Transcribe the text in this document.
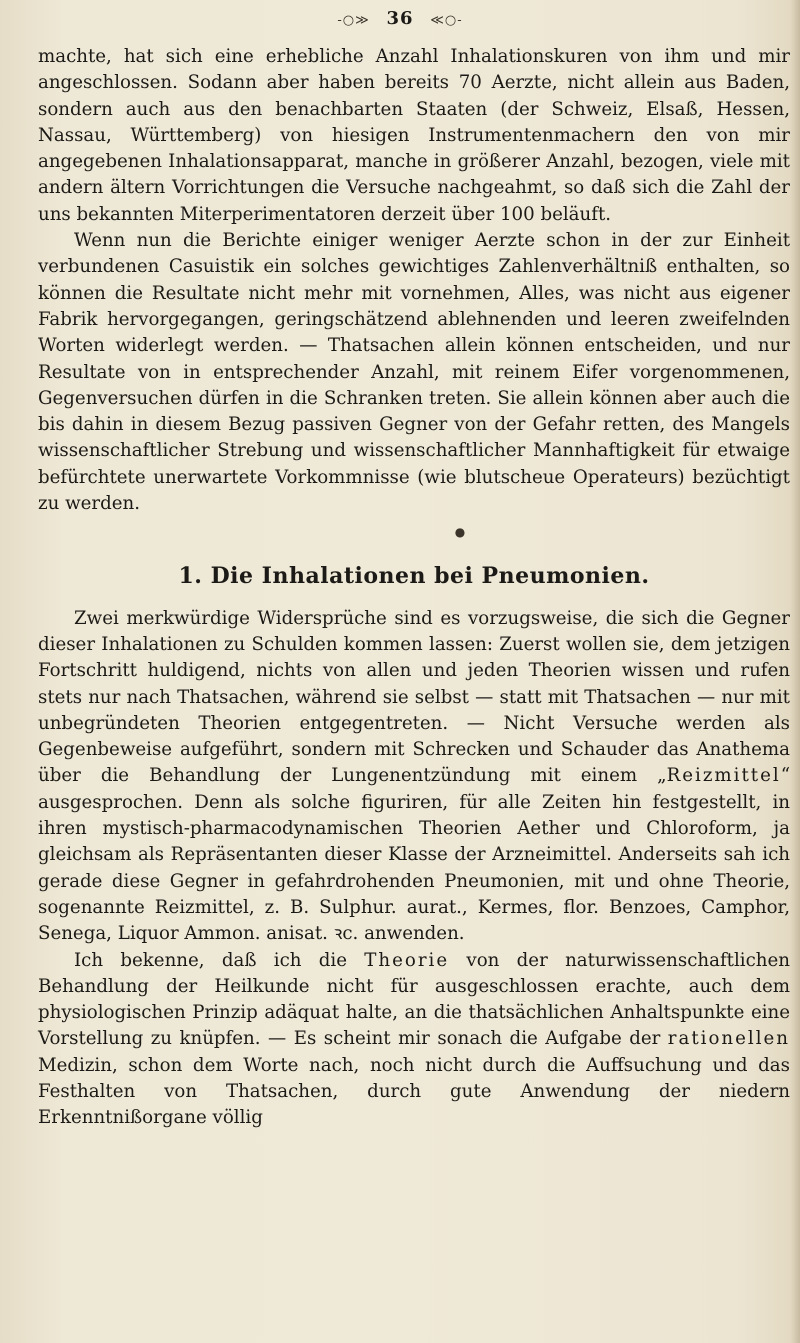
-○≫ 36 ≪○-

machte, hat sich eine erhebliche Anzahl Inhalationskuren von ihm und mir angeschlossen. Sodann aber haben bereits 70 Aerzte, nicht allein aus Baden, sondern auch aus den benachbarten Staaten (der Schweiz, Elsaß, Hessen, Nassau, Württemberg) von hiesigen Instrumentenmachern den von mir angegebenen Inhalationsapparat, manche in größerer Anzahl, bezogen, viele mit andern ältern Vorrichtungen die Versuche nachgeahmt, so daß sich die Zahl der uns bekannten Miterperimentatoren derzeit über 100 beläuft.

Wenn nun die Berichte einiger weniger Aerzte schon in der zur Einheit verbundenen Casuistik ein solches gewichtiges Zahlenverhältniß enthalten, so können die Resultate nicht mehr mit vornehmen, Alles, was nicht aus eigener Fabrik hervorgegangen, geringschätzend ablehnenden und leeren zweifelnden Worten widerlegt werden. — Thatsachen allein können entscheiden, und nur Resultate von in entsprechender Anzahl, mit reinem Eifer vorgenommenen, Gegenversuchen dürfen in die Schranken treten. Sie allein können aber auch die bis dahin in diesem Bezug passiven Gegner von der Gefahr retten, des Mangels wissenschaftlicher Strebung und wissenschaftlicher Mannhaftigkeit für etwaige befürchtete unerwartete Vorkommnisse (wie blutscheue Operateurs) bezüchtigt zu werden.

●
1. Die Inhalationen bei Pneumonien.

Zwei merkwürdige Widersprüche sind es vorzugsweise, die sich die Gegner dieser Inhalationen zu Schulden kommen lassen: Zuerst wollen sie, dem jetzigen Fortschritt huldigend, nichts von allen und jeden Theorien wissen und rufen stets nur nach Thatsachen, während sie selbst — statt mit Thatsachen — nur mit unbegründeten Theorien entgegentreten. — Nicht Versuche werden als Gegenbeweise aufgeführt, sondern mit Schrecken und Schauder das Anathema über die Behandlung der Lungenentzündung mit einem „Reizmittel“ ausgesprochen. Denn als solche figuriren, für alle Zeiten hin festgestellt, in ihren mystisch-pharmacodynamischen Theorien Aether und Chloroform, ja gleichsam als Repräsentanten dieser Klasse der Arzneimittel. Anderseits sah ich gerade diese Gegner in gefahrdrohenden Pneumonien, mit und ohne Theorie, sogenannte Reizmittel, z. B. Sulphur. aurat., Kermes, flor. Benzoes, Camphor, Senega, Liquor Ammon. anisat. ꝛc. anwenden.

Ich bekenne, daß ich die Theorie von der naturwissenschaftlichen Behandlung der Heilkunde nicht für ausgeschlossen erachte, auch dem physiologischen Prinzip adäquat halte, an die thatsächlichen Anhaltspunkte eine Vorstellung zu knüpfen. — Es scheint mir sonach die Aufgabe der rationellen Medizin, schon dem Worte nach, noch nicht durch die Auffsuchung und das Festhalten von Thatsachen, durch gute Anwendung der niedern Erkenntnißorgane völlig
